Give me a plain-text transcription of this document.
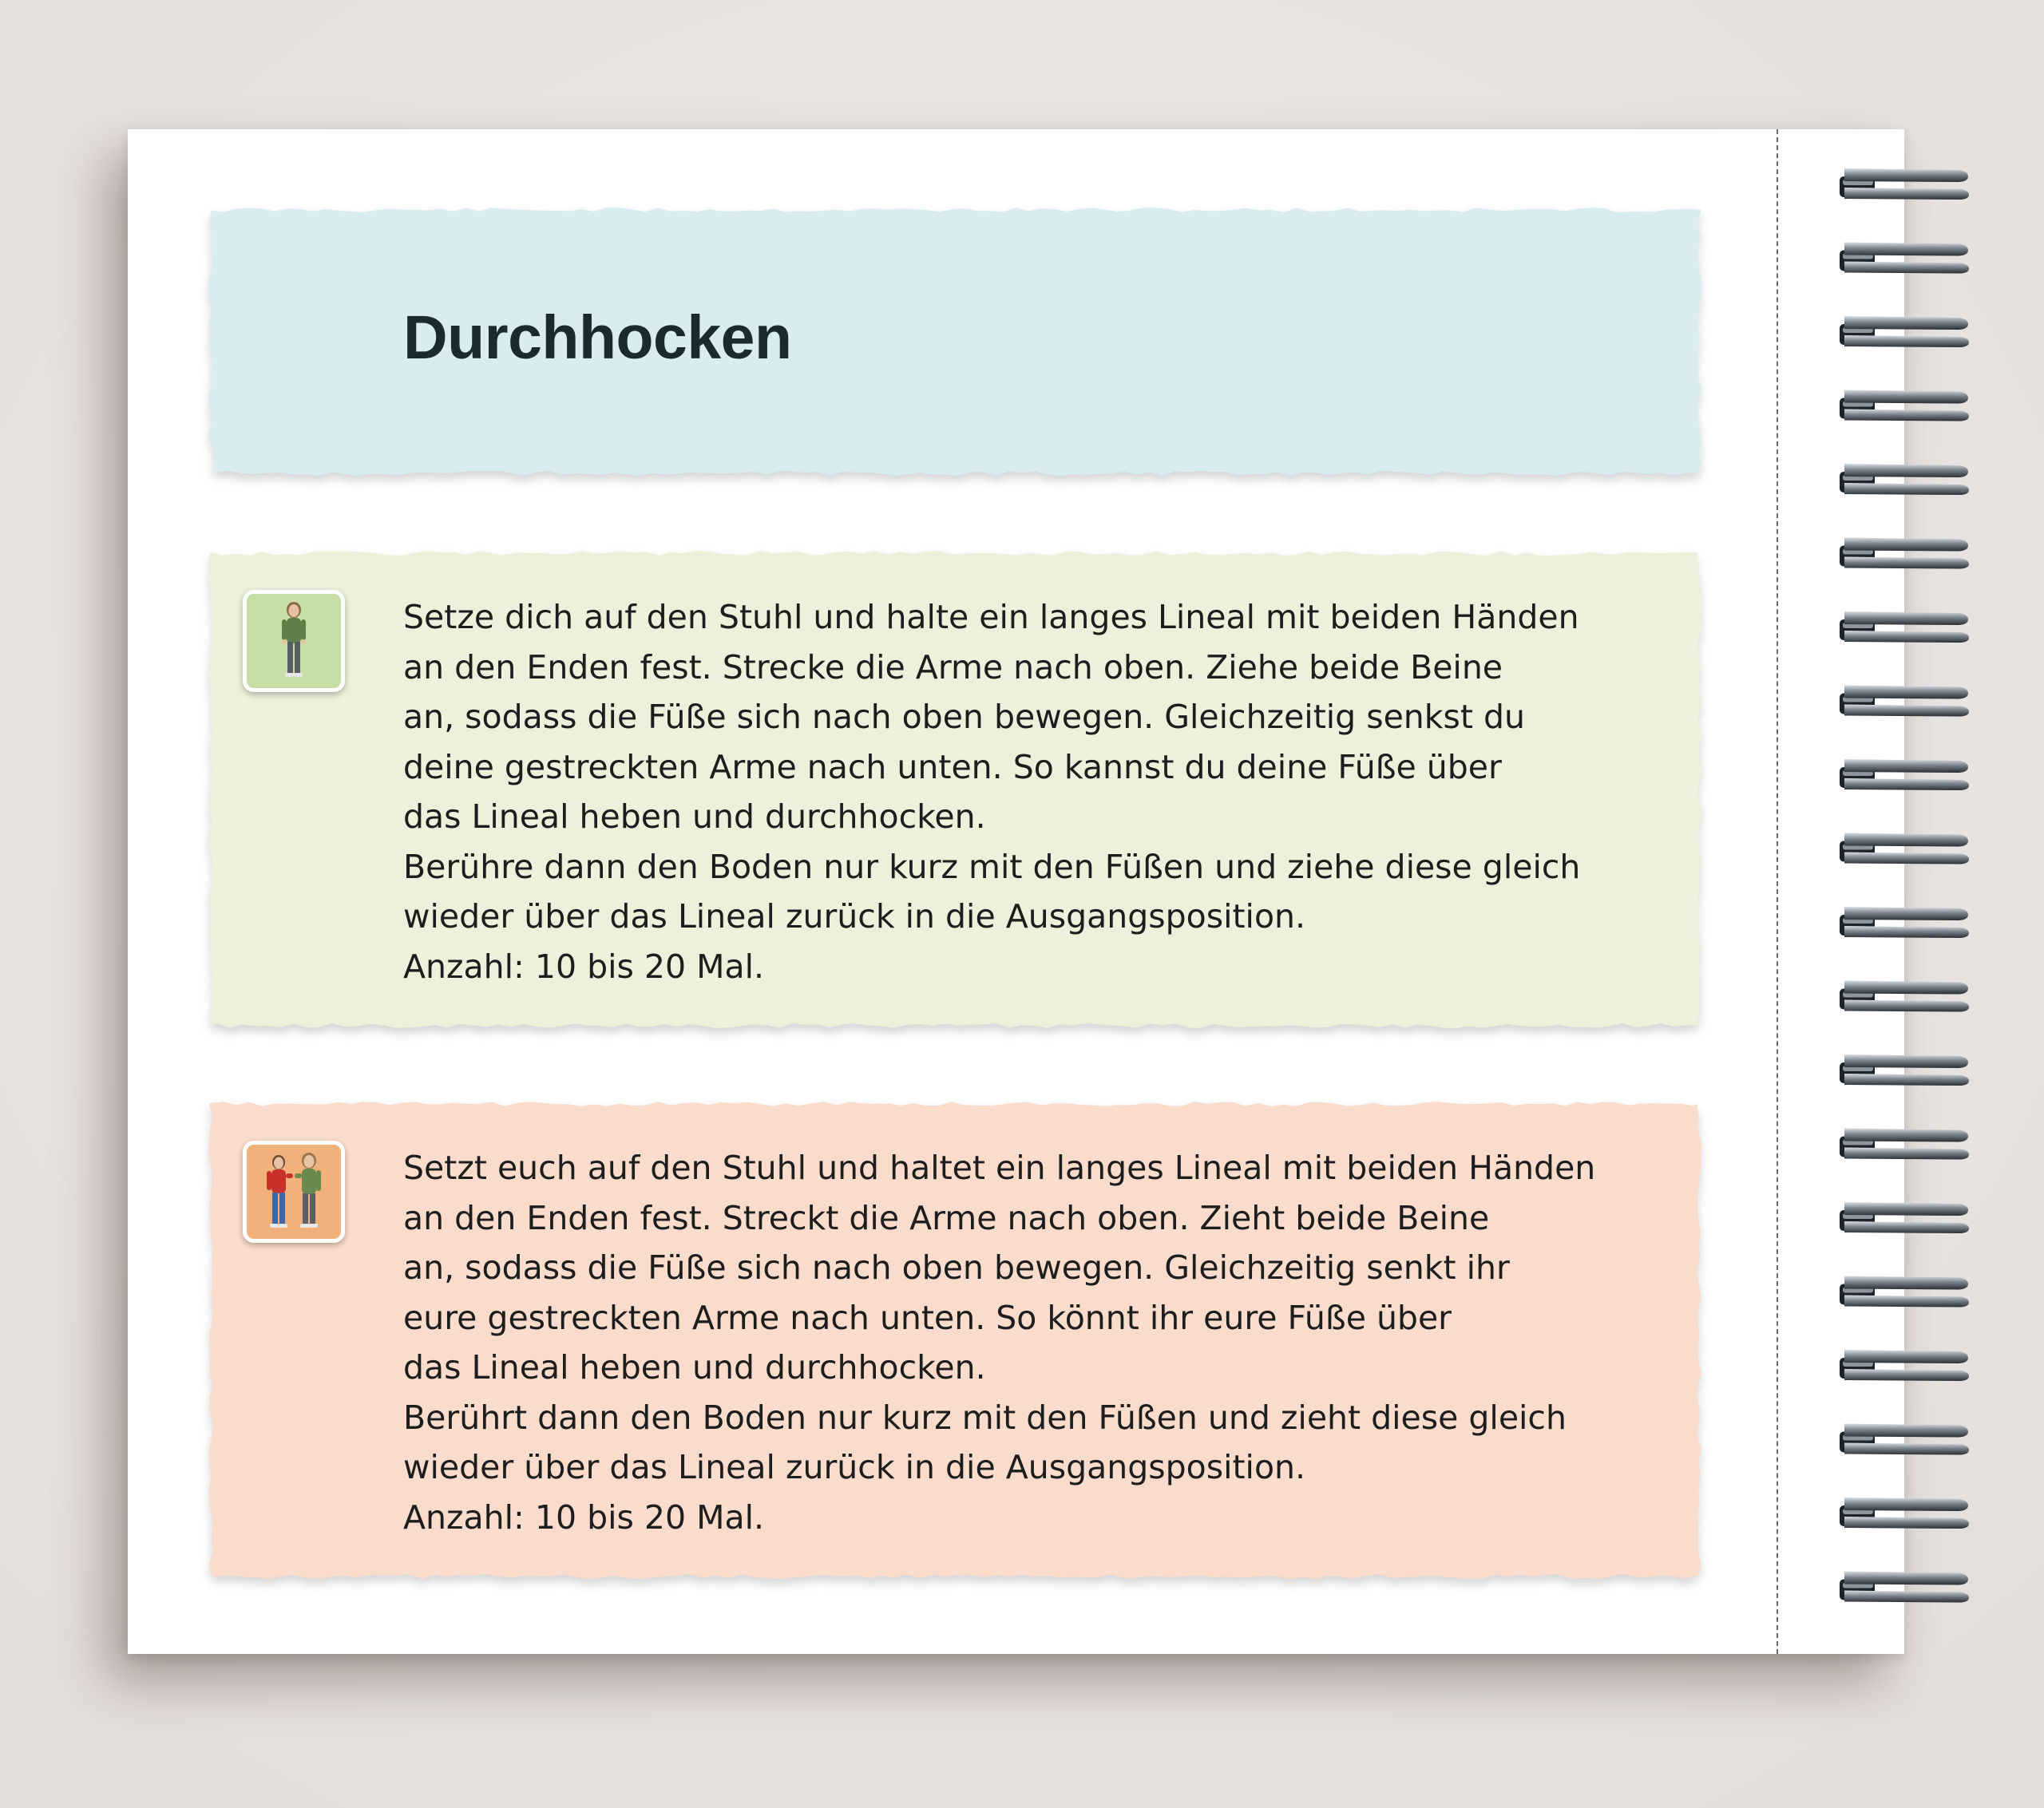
Durchhocken
Setze dich auf den Stuhl und halte ein langes Lineal mit beiden Händen
an den Enden fest. Strecke die Arme nach oben. Ziehe beide Beine
an, sodass die Füße sich nach oben bewegen. Gleichzeitig senkst du
deine gestreckten Arme nach unten. So kannst du deine Füße über
das Lineal heben und durchhocken.
Berühre dann den Boden nur kurz mit den Füßen und ziehe diese gleich
wieder über das Lineal zurück in die Ausgangsposition.
Anzahl: 10 bis 20 Mal.
Setzt euch auf den Stuhl und haltet ein langes Lineal mit beiden Händen
an den Enden fest. Streckt die Arme nach oben. Zieht beide Beine
an, sodass die Füße sich nach oben bewegen. Gleichzeitig senkt ihr
eure gestreckten Arme nach unten. So könnt ihr eure Füße über
das Lineal heben und durchhocken.
Berührt dann den Boden nur kurz mit den Füßen und zieht diese gleich
wieder über das Lineal zurück in die Ausgangsposition.
Anzahl: 10 bis 20 Mal.
